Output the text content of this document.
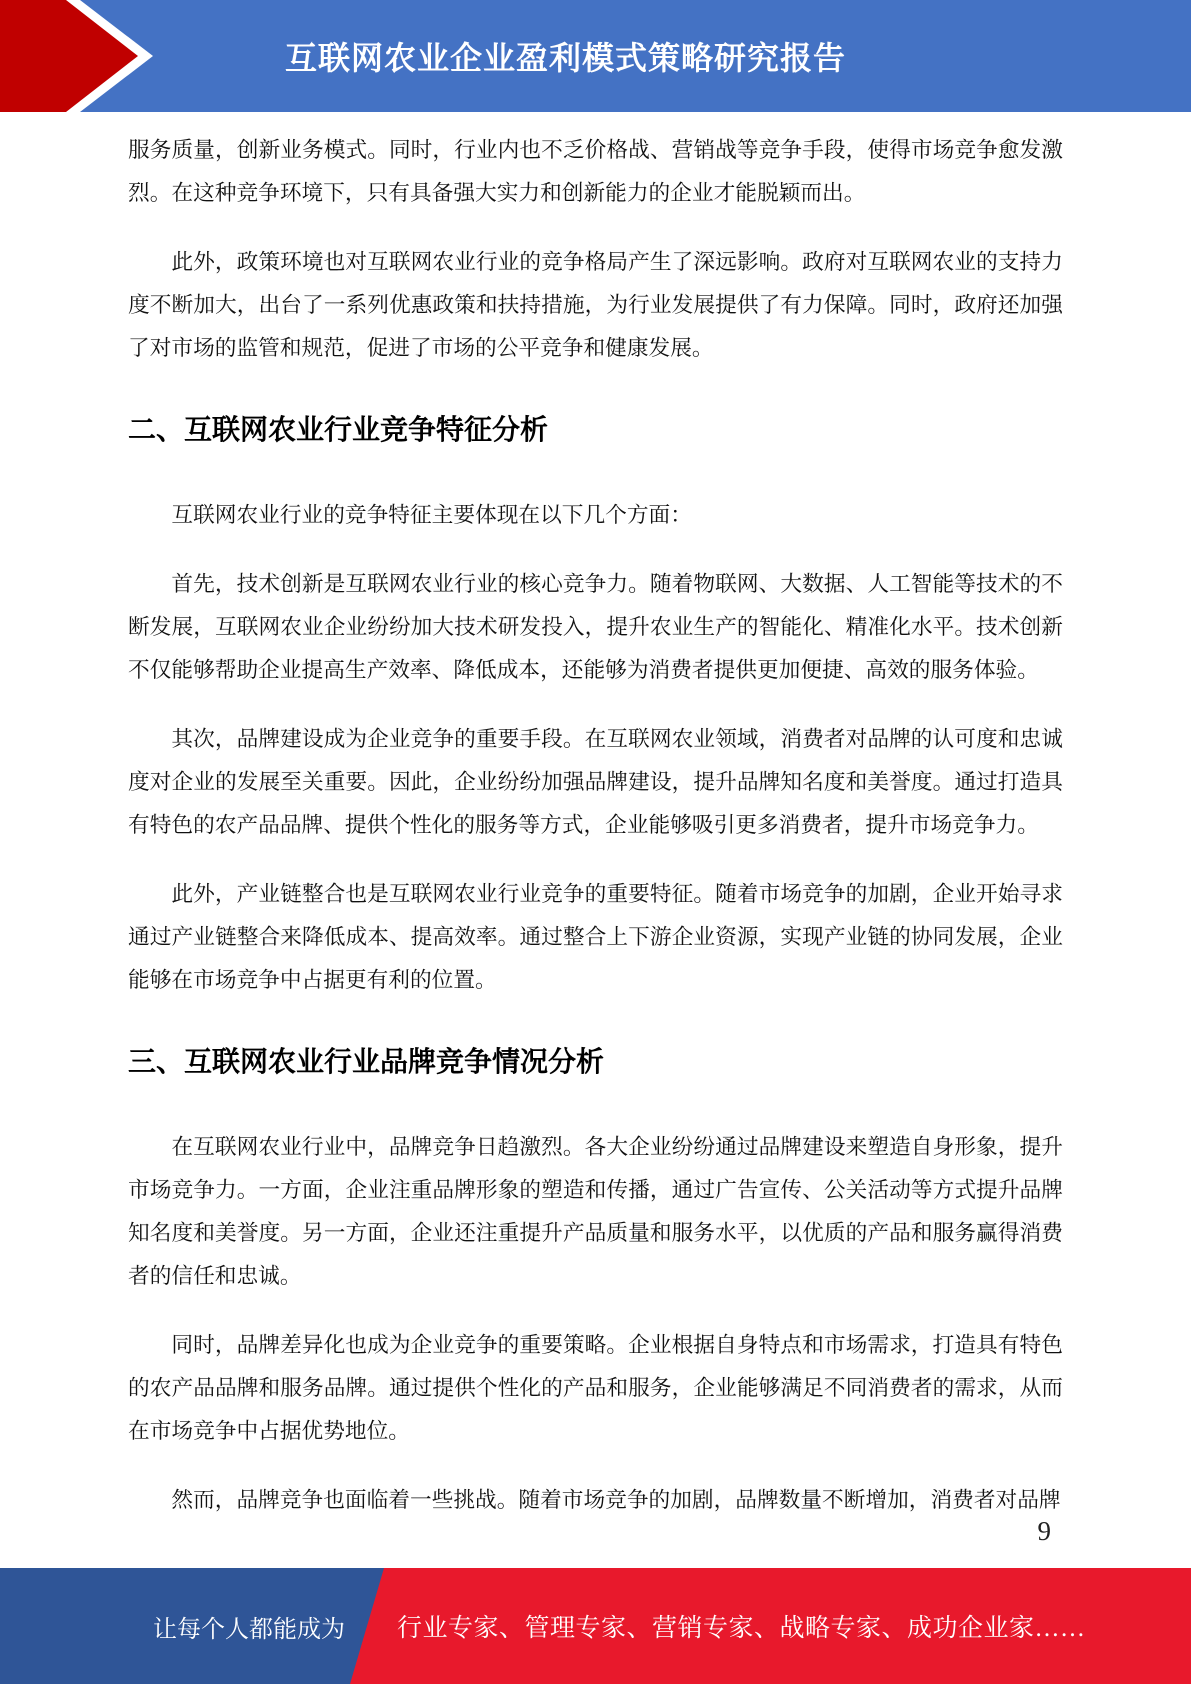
互联网农业企业盈利模式策略研究报告

服务质量，创新业务模式。同时，行业内也不乏价格战、营销战等竞争手段，使得市场竞争愈发激烈。在这种竞争环境下，只有具备强大实力和创新能力的企业才能脱颖而出。

此外，政策环境也对互联网农业行业的竞争格局产生了深远影响。政府对互联网农业的支持力度不断加大，出台了一系列优惠政策和扶持措施，为行业发展提供了有力保障。同时，政府还加强了对市场的监管和规范，促进了市场的公平竞争和健康发展。

二、互联网农业行业竞争特征分析

互联网农业行业的竞争特征主要体现在以下几个方面：

首先，技术创新是互联网农业行业的核心竞争力。随着物联网、大数据、人工智能等技术的不断发展，互联网农业企业纷纷加大技术研发投入，提升农业生产的智能化、精准化水平。技术创新不仅能够帮助企业提高生产效率、降低成本，还能够为消费者提供更加便捷、高效的服务体验。

其次，品牌建设成为企业竞争的重要手段。在互联网农业领域，消费者对品牌的认可度和忠诚度对企业的发展至关重要。因此，企业纷纷加强品牌建设，提升品牌知名度和美誉度。通过打造具有特色的农产品品牌、提供个性化的服务等方式，企业能够吸引更多消费者，提升市场竞争力。

此外，产业链整合也是互联网农业行业竞争的重要特征。随着市场竞争的加剧，企业开始寻求通过产业链整合来降低成本、提高效率。通过整合上下游企业资源，实现产业链的协同发展，企业能够在市场竞争中占据更有利的位置。

三、互联网农业行业品牌竞争情况分析

在互联网农业行业中，品牌竞争日趋激烈。各大企业纷纷通过品牌建设来塑造自身形象，提升市场竞争力。一方面，企业注重品牌形象的塑造和传播，通过广告宣传、公关活动等方式提升品牌知名度和美誉度。另一方面，企业还注重提升产品质量和服务水平，以优质的产品和服务赢得消费者的信任和忠诚。

同时，品牌差异化也成为企业竞争的重要策略。企业根据自身特点和市场需求，打造具有特色的农产品品牌和服务品牌。通过提供个性化的产品和服务，企业能够满足不同消费者的需求，从而在市场竞争中占据优势地位。

然而，品牌竞争也面临着一些挑战。随着市场竞争的加剧，品牌数量不断增加，消费者对品牌

9
让每个人都能成为 行业专家、管理专家、营销专家、战略专家、成功企业家……
